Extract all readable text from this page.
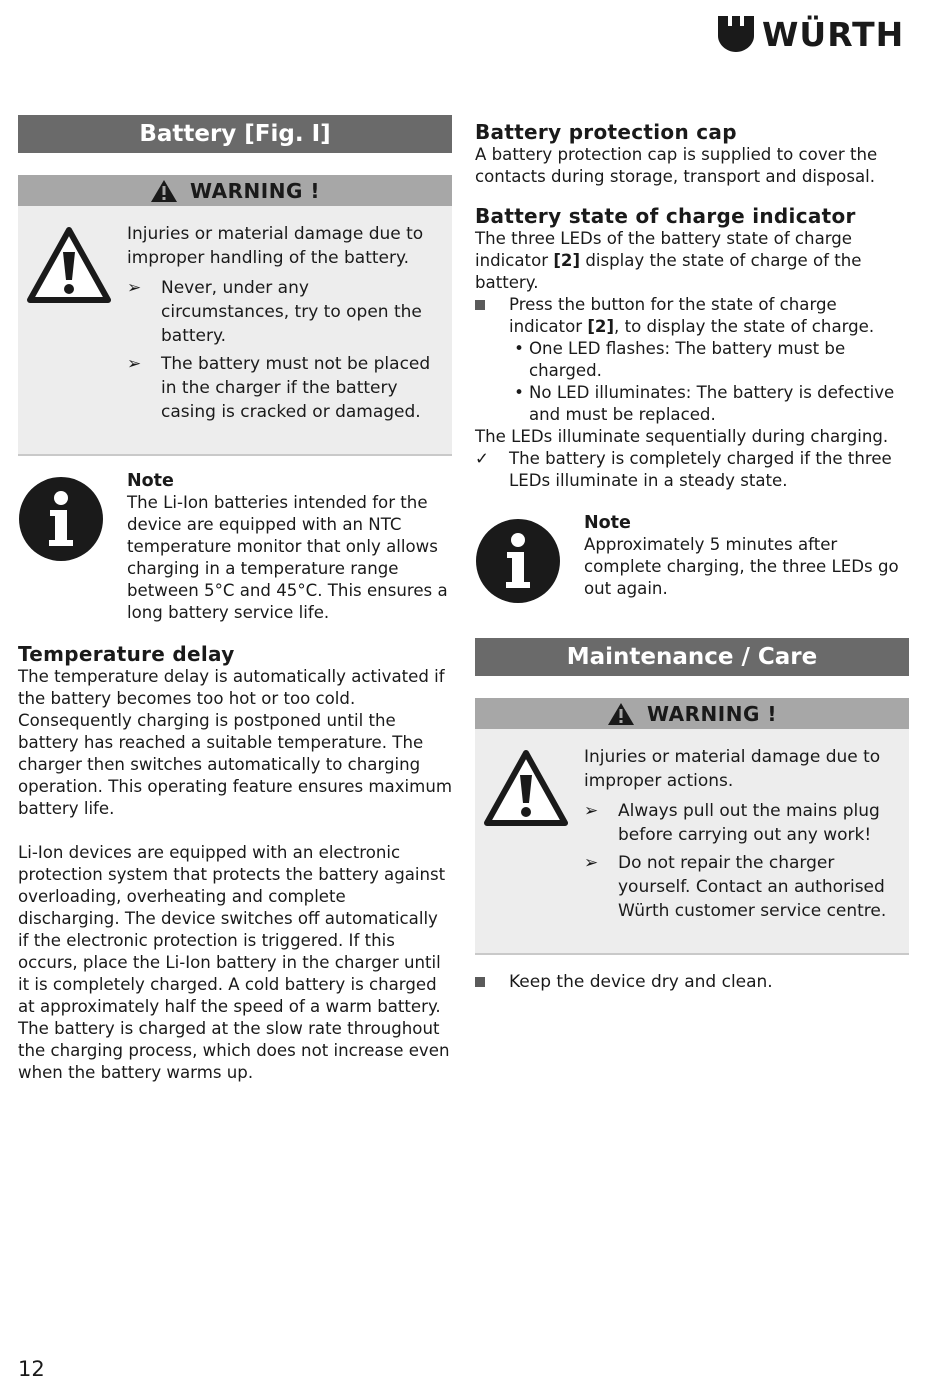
WÜRTH
Battery [Fig. I]
WARNING !

Injuries or material damage due to improper handling of the battery.

➢	Never, under any circumstances, try to open the battery.
➢	The battery must not be placed in the charger if the battery casing is cracked or damaged.
Note
The Li-Ion batteries intended for the device are equipped with an NTC temperature monitor that only allows charging in a temperature range between 5°C and 45°C. This ensures a long battery service life.
Temperature delay

The temperature delay is automatically activated if the battery becomes too hot or too cold. Consequently charging is postponed until the battery has reached a suitable temperature. The charger then switches automatically to charging operation. This operating feature ensures maximum battery life.

Li-Ion devices are equipped with an electronic protection system that protects the battery against overloading, overheating and complete discharging. The device switches off automatically if the electronic protection is triggered. If this occurs, place the Li-Ion battery in the charger until it is completely charged. A cold battery is charged at approximately half the speed of a warm battery. The battery is charged at the slow rate throughout the charging process, which does not increase even when the battery warms up.

Battery protection cap

A battery protection cap is supplied to cover the contacts during storage, transport and disposal.

Battery state of charge indicator

The three LEDs of the battery state of charge indicator [2] display the state of charge of the battery.

Press the button for the state of charge indicator [2], to display the state of charge.
• One LED flashes: The battery must be charged.
• No LED illuminates: The battery is defective and must be replaced.

The LEDs illuminate sequentially during charging.

✓	The battery is completely charged if the three LEDs illuminate in a steady state.
Note
Approximately 5 minutes after complete charging, the three LEDs go out again.
Maintenance / Care
WARNING !

Injuries or material damage due to improper actions.

➢	Always pull out the mains plug before carrying out any work!
➢	Do not repair the charger yourself. Contact an authorised Würth customer service centre.
Keep the device dry and clean.
12
